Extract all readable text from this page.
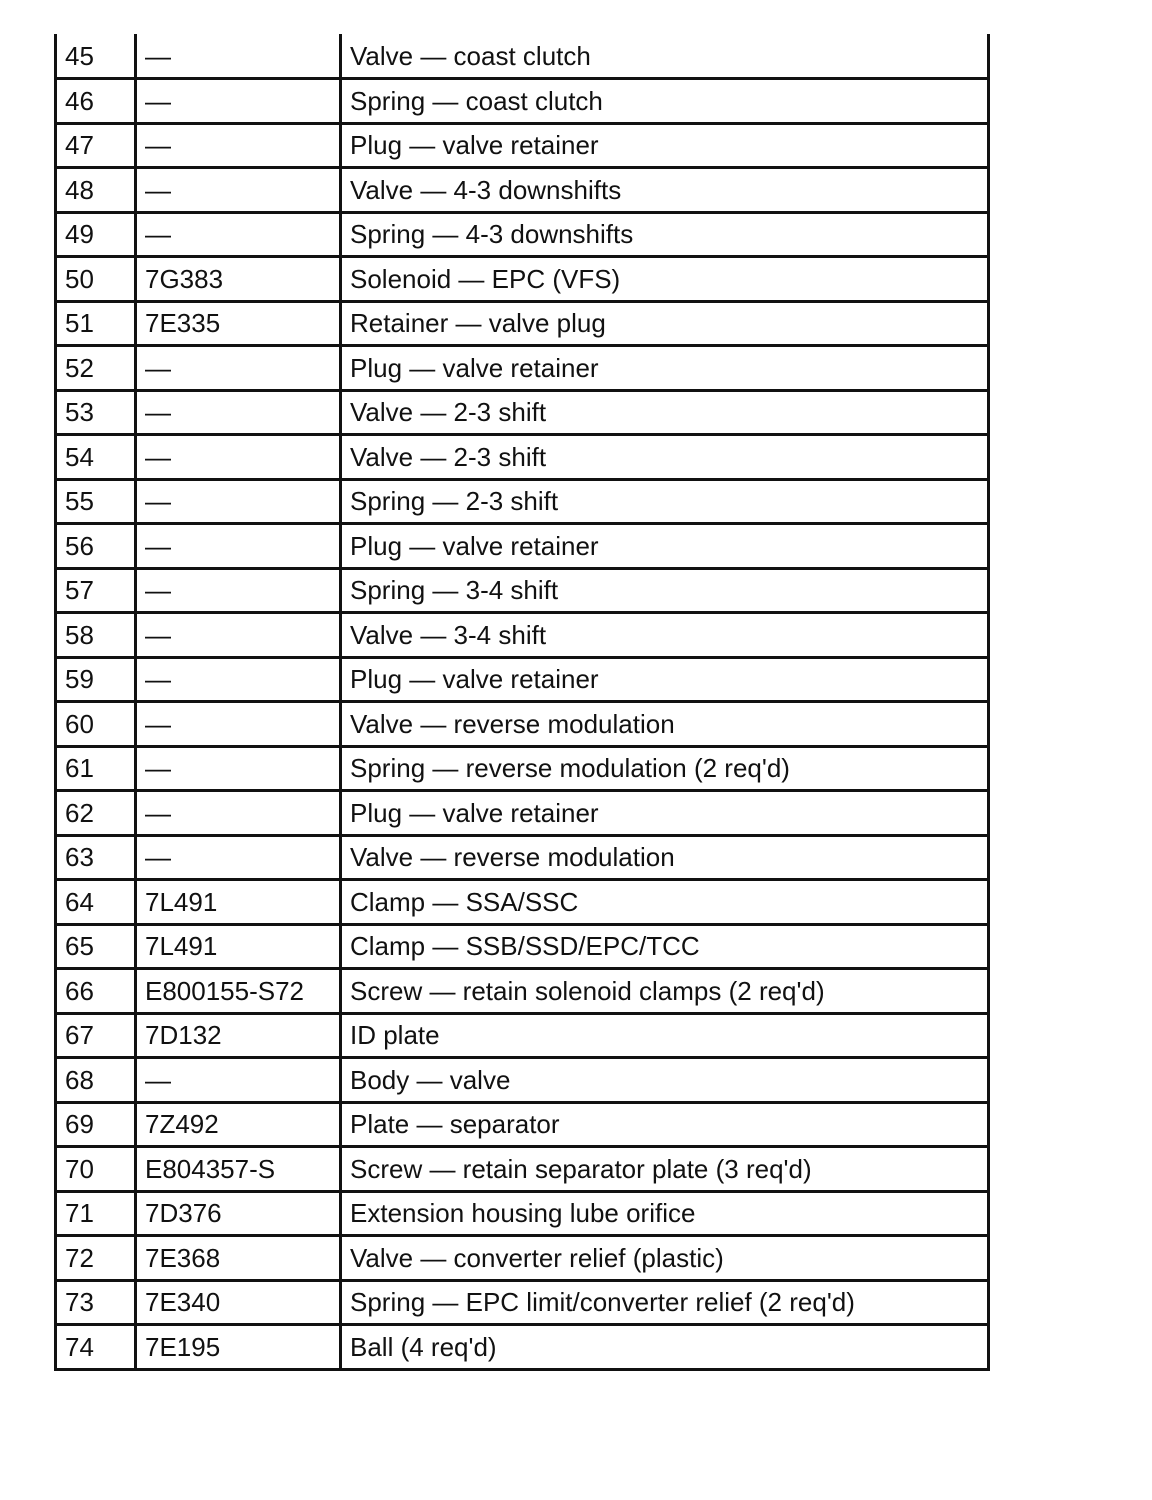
45	—	Valve — coast clutch
46	—	Spring — coast clutch
47	—	Plug — valve retainer
48	—	Valve — 4-3 downshifts
49	—	Spring — 4-3 downshifts
50	7G383	Solenoid — EPC (VFS)
51	7E335	Retainer — valve plug
52	—	Plug — valve retainer
53	—	Valve — 2-3 shift
54	—	Valve — 2-3 shift
55	—	Spring — 2-3 shift
56	—	Plug — valve retainer
57	—	Spring — 3-4 shift
58	—	Valve — 3-4 shift
59	—	Plug — valve retainer
60	—	Valve — reverse modulation
61	—	Spring — reverse modulation (2 req'd)
62	—	Plug — valve retainer
63	—	Valve — reverse modulation
64	7L491	Clamp — SSA/SSC
65	7L491	Clamp — SSB/SSD/EPC/TCC
66	E800155-S72	Screw — retain solenoid clamps (2 req'd)
67	7D132	ID plate
68	—	Body — valve
69	7Z492	Plate — separator
70	E804357-S	Screw — retain separator plate (3 req'd)
71	7D376	Extension housing lube orifice
72	7E368	Valve — converter relief (plastic)
73	7E340	Spring — EPC limit/converter relief (2 req'd)
74	7E195	Ball (4 req'd)
